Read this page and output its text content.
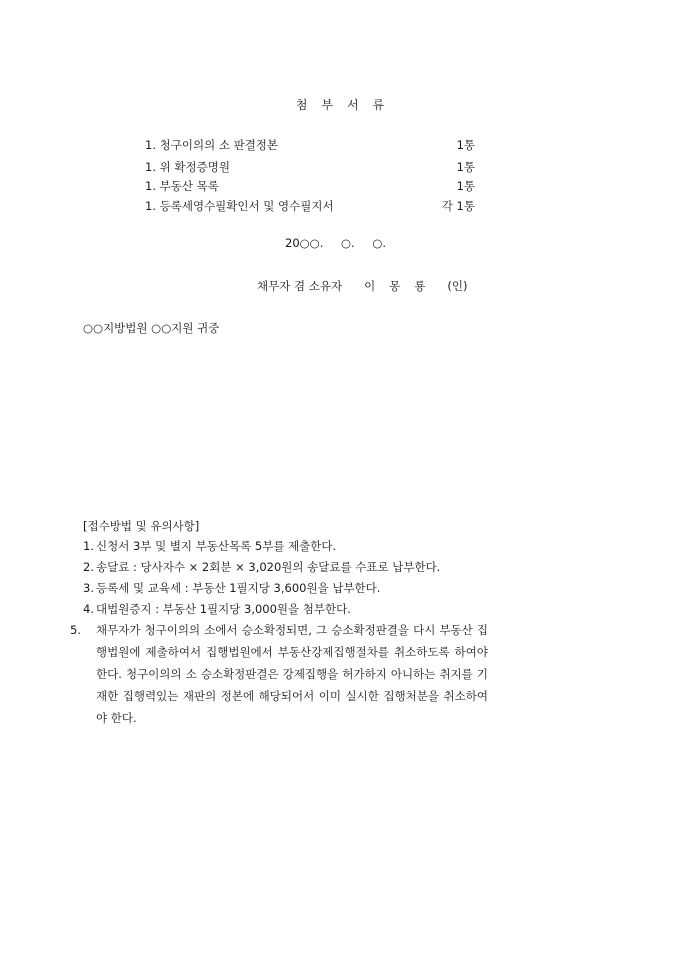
첨부서류
1. 청구이의의 소 판결정본	1통
1. 위 확정증명원	1통
1. 부동산 목록	1통
1. 등록세영수필확인서 및 영수필지서	각 1통
20○○. ○. ○.
채무자 겸 소유자 이몽룡 (인)
○○지방법원 ○○지원 귀중
[접수방법 및 유의사항]
1. 신청서 3부 및 별지 부동산목록 5부를 제출한다.
2. 송달료 : 당사자수 × 2회분 × 3,020원의 송달료를 수표로 납부한다.
3. 등록세 및 교육세 : 부동산 1필지당 3,600원을 납부한다.
4. 대법원증지 : 부동산 1필지당 3,000원을 첨부한다.
5. 채무자가 청구이의의 소에서 승소확정되면, 그 승소확정판결을 다시 부동산 집행법원에 제출하여서 집행법원에서 부동산강제집행절차를 취소하도록 하여야 한다. 청구이의의 소 승소확정판결은 강제집행을 허가하지 아니하는 취지를 기재한 집행력있는 재판의 정본에 해당되어서 이미 실시한 집행처분을 취소하여야 한다.
